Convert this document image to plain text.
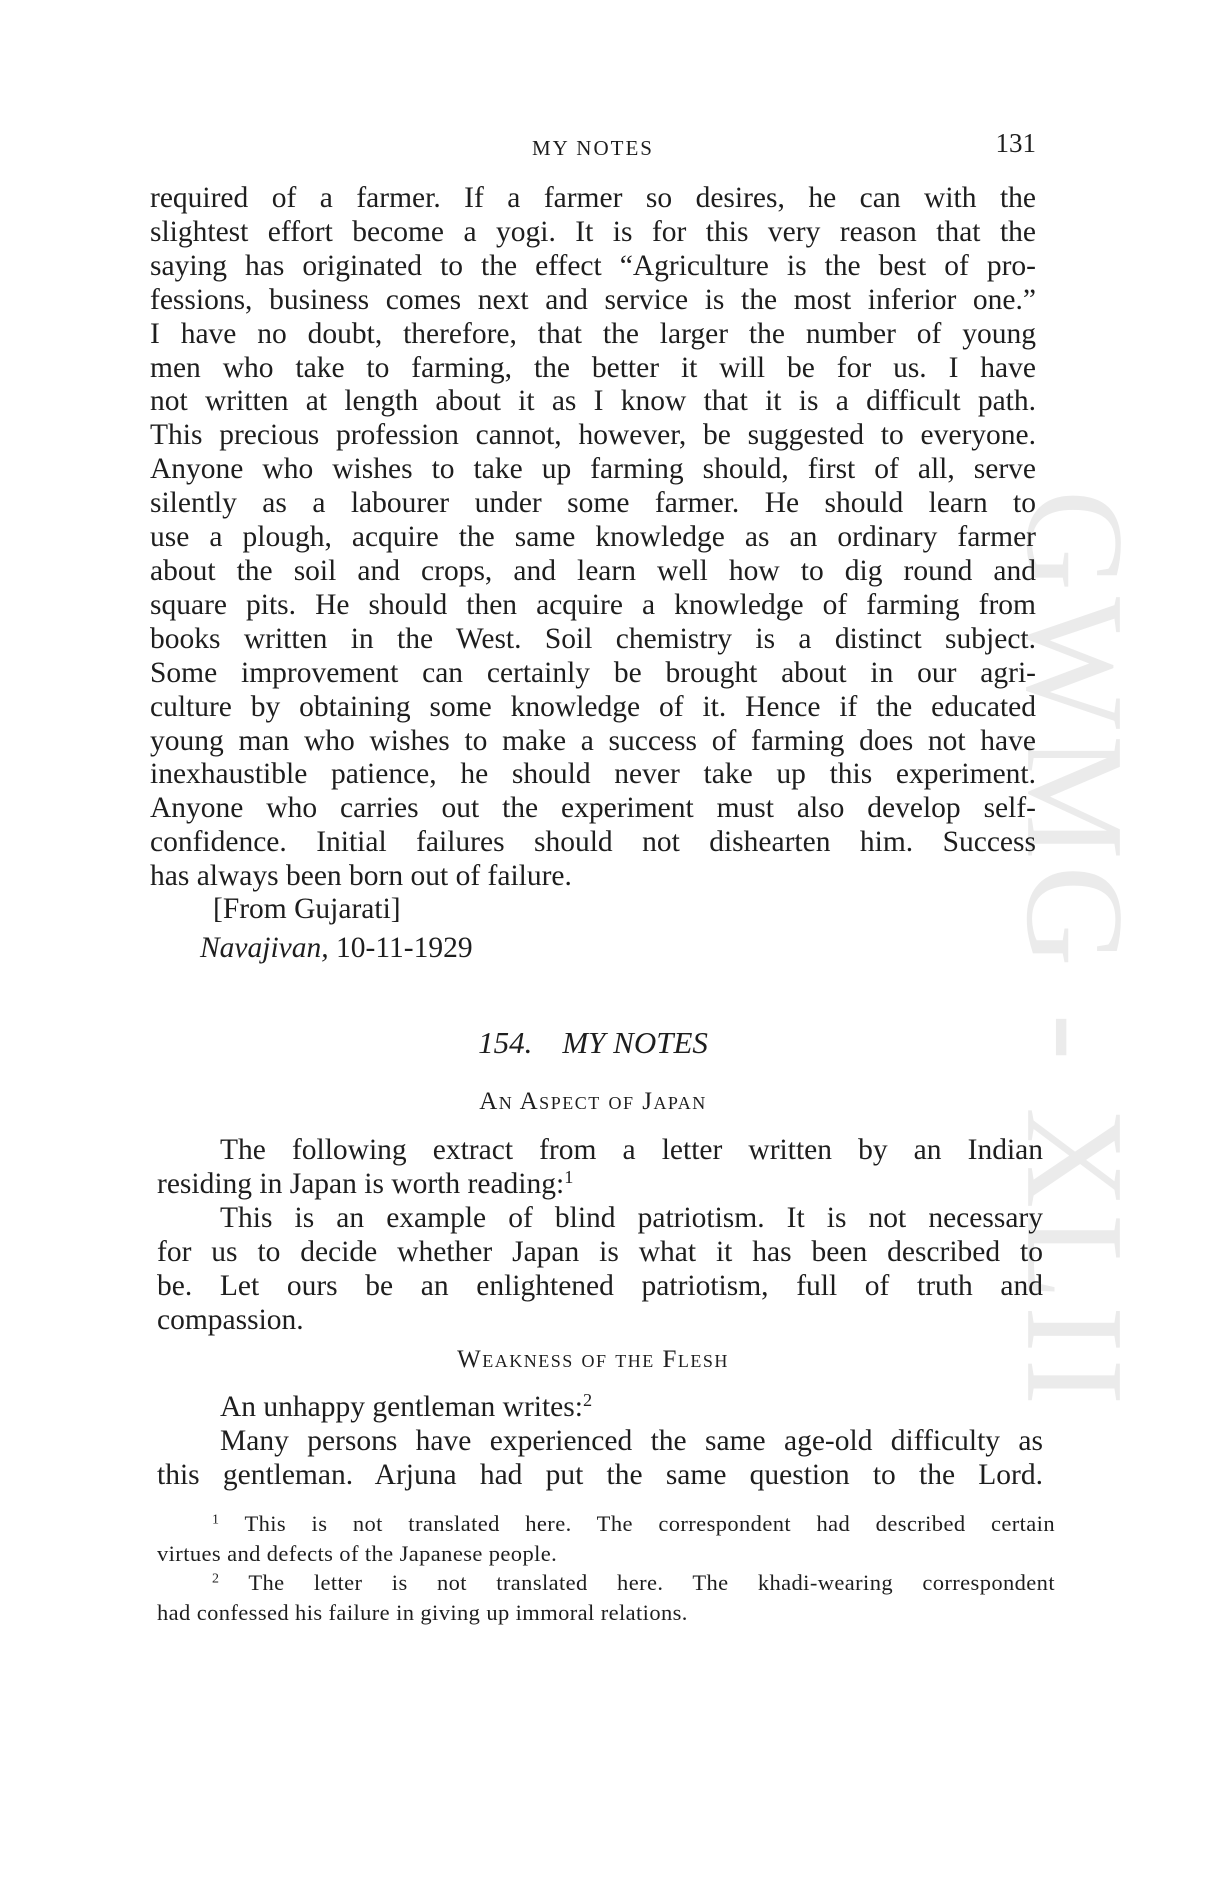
GWMG - XLII
MY NOTES	131
required of a farmer. If a farmer so desires, he can with the
slightest effort become a yogi. It is for this very reason that the
saying has originated to the effect “Agriculture is the best of pro-
fessions, business comes next and service is the most inferior one.”
I have no doubt, therefore, that the larger the number of young
men who take to farming, the better it will be for us. I have
not written at length about it as I know that it is a difficult path.
This precious profession cannot, however, be suggested to everyone.
Anyone who wishes to take up farming should, first of all, serve
silently as a labourer under some farmer. He should learn to
use a plough, acquire the same knowledge as an ordinary farmer
about the soil and crops, and learn well how to dig round and
square pits. He should then acquire a knowledge of farming from
books written in the West. Soil chemistry is a distinct subject.
Some improvement can certainly be brought about in our agri-
culture by obtaining some knowledge of it. Hence if the educated
young man who wishes to make a success of farming does not have
inexhaustible patience, he should never take up this experiment.
Anyone who carries out the experiment must also develop self-
confidence. Initial failures should not dishearten him. Success
has always been born out of failure.
[From Gujarati]
Navajivan, 10-11-1929
154. MY NOTES
An Aspect of Japan
The following extract from a letter written by an Indian
residing in Japan is worth reading:$^1$
This is an example of blind patriotism. It is not necessary
for us to decide whether Japan is what it has been described to
be. Let ours be an enlightened patriotism, full of truth and
compassion.
Weakness of the Flesh
An unhappy gentleman writes:$^2$
Many persons have experienced the same age-old difficulty as
this gentleman. Arjuna had put the same question to the Lord.
$^1$ This is not translated here. The correspondent had described certain
virtues and defects of the Japanese people.
$^2$ The letter is not translated here. The khadi-wearing correspondent
had confessed his failure in giving up immoral relations.
